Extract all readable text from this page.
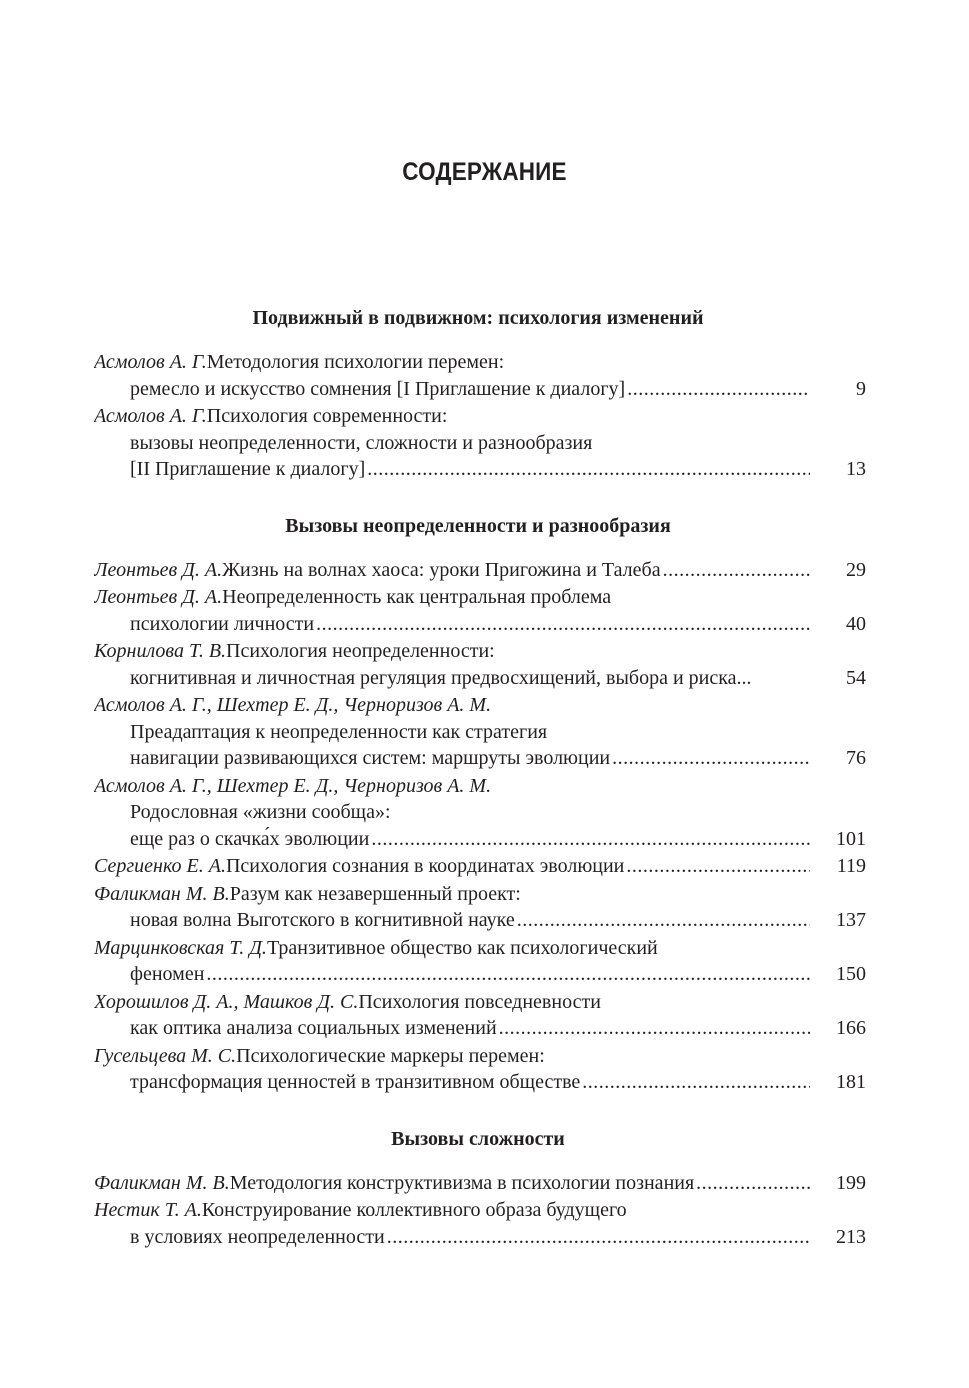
СОДЕРЖАНИЕ
Подвижный в подвижном: психология изменений
Асмолов А. Г. Методология психологии перемен:
ремесло и искусство сомнения [I Приглашение к диалогу] .....	9
Асмолов А. Г. Психология современности:
вызовы неопределенности, сложности и разнообразия
[II Приглашение к диалогу] .....	13
Вызовы неопределенности и разнообразия
Леонтьев Д. А. Жизнь на волнах хаоса: уроки Пригожина и Талеба .....	29
Леонтьев Д. А. Неопределенность как центральная проблема
психологии личности .....	40
Корнилова Т. В. Психология неопределенности:
когнитивная и личностная регуляция предвосхищений, выбора и риска...	54
Асмолов А. Г., Шехтер Е. Д., Черноризов А. М.
Преадаптация к неопределенности как стратегия
навигации развивающихся систем: маршруты эволюции .....	76
Асмолов А. Г., Шехтер Е. Д., Черноризов А. М.
Родословная «жизни сообща»:
еще раз о скачка́х эволюции .....	101
Сергиенко Е. А. Психология сознания в координатах эволюции .....	119
Фаликман М. В. Разум как незавершенный проект:
новая волна Выготского в когнитивной науке .....	137
Марцинковская Т. Д. Транзитивное общество как психологический
феномен .....	150
Хорошилов Д. А., Машков Д. С. Психология повседневности
как оптика анализа социальных изменений .....	166
Гусельцева М. С. Психологические маркеры перемен:
трансформация ценностей в транзитивном обществе .....	181
Вызовы сложности
Фаликман М. В. Методология конструктивизма в психологии познания .....	199
Нестик Т. А. Конструирование коллективного образа будущего
в условиях неопределенности .....	213
